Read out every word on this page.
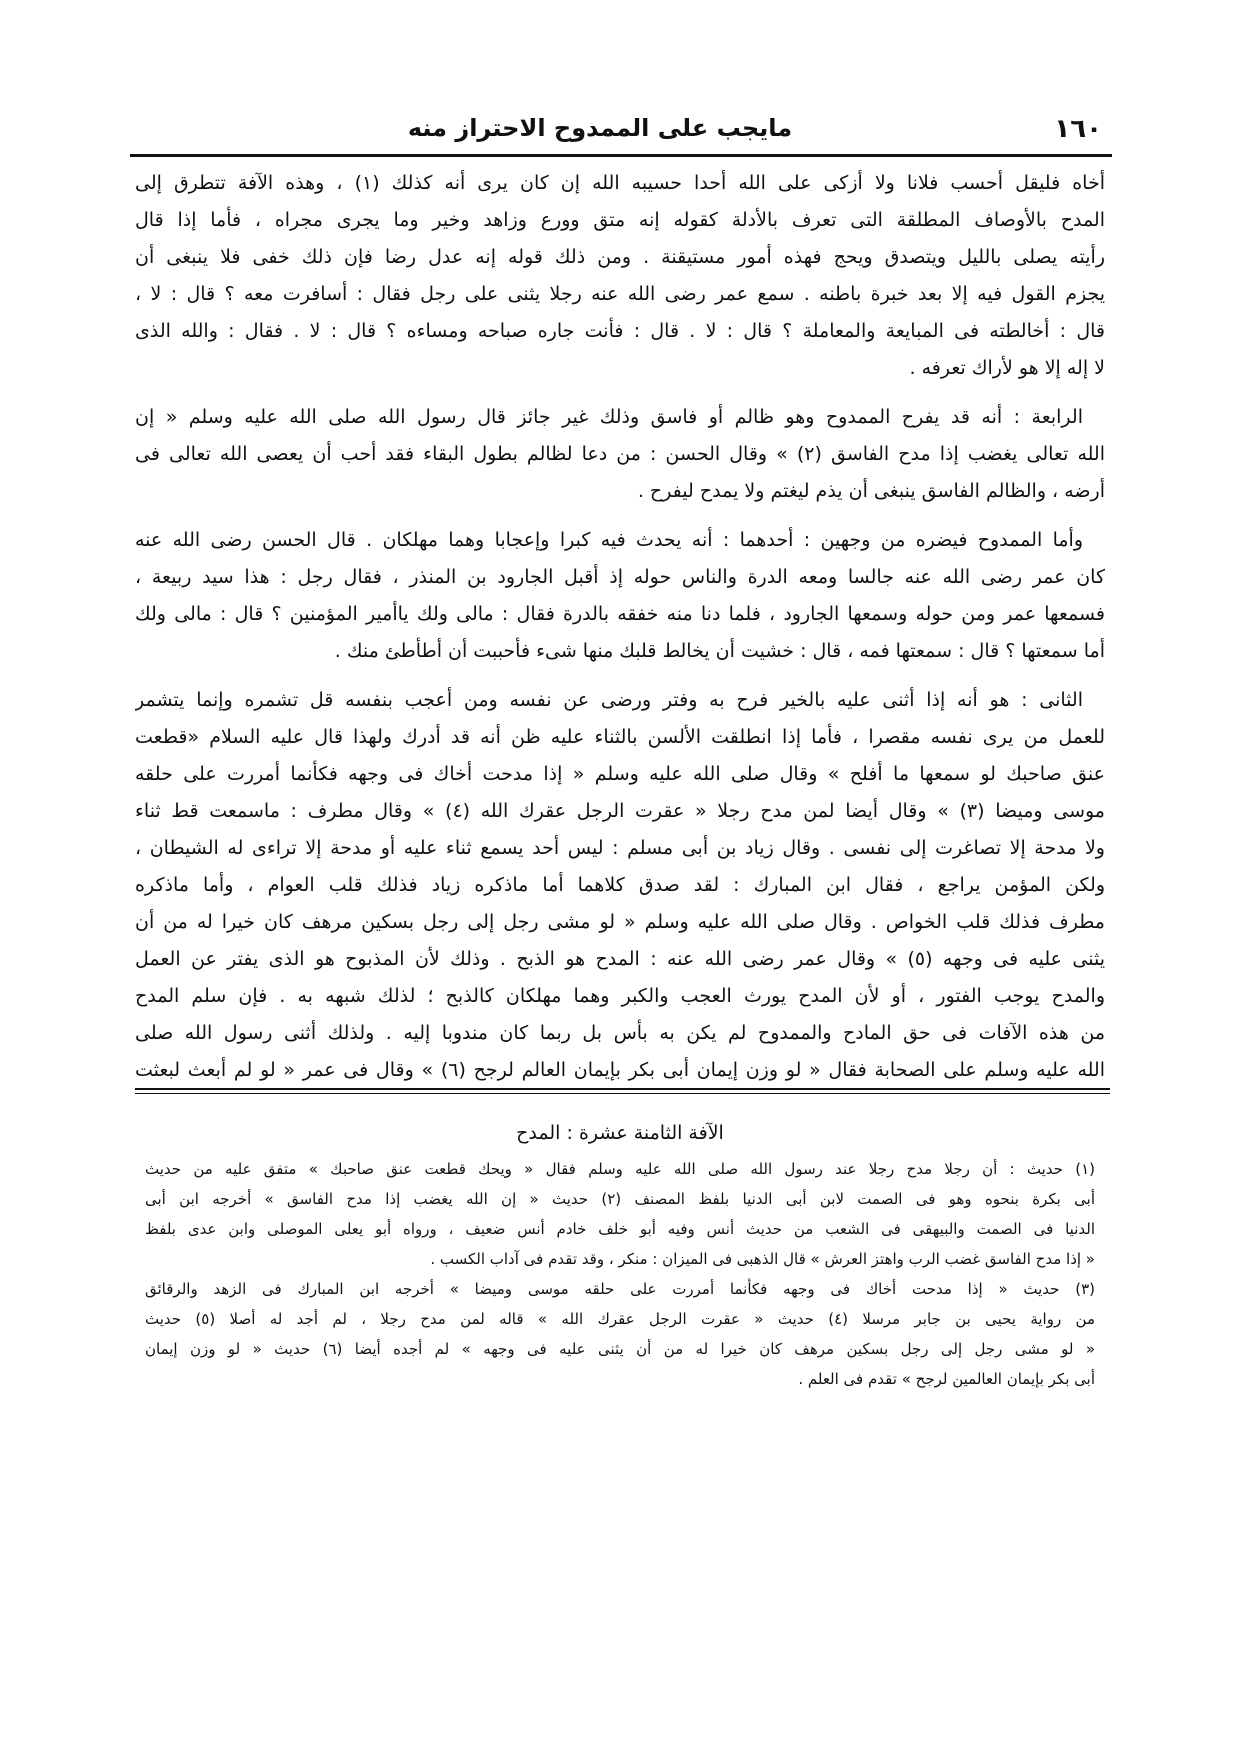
١٦٠
مايجب على الممدوح الاحتراز منه
أخاه فليقل أحسب فلانا ولا أزكى على الله أحدا حسيبه الله إن كان يرى أنه كذلك (١) ، وهذه الآفة تتطرق إلى
المدح بالأوصاف المطلقة التى تعرف بالأدلة كقوله إنه متق وورع وزاهد وخير وما يجرى مجراه ، فأما إذا قال
رأيته يصلى بالليل ويتصدق ويحج فهذه أمور مستيقنة . ومن ذلك قوله إنه عدل رضا فإن ذلك خفى فلا ينبغى أن
يجزم القول فيه إلا بعد خبرة باطنه . سمع عمر رضى الله عنه رجلا يثنى على رجل فقال : أسافرت معه ؟ قال : لا ،
قال : أخالطته فى المبايعة والمعاملة ؟ قال : لا . قال : فأنت جاره صباحه ومساءه ؟ قال : لا . فقال : والله الذى
لا إله إلا هو لأراك تعرفه .
الرابعة : أنه قد يفرح الممدوح وهو ظالم أو فاسق وذلك غير جائز قال رسول الله صلى الله عليه وسلم « إن
الله تعالى يغضب إذا مدح الفاسق (٢) » وقال الحسن : من دعا لظالم بطول البقاء فقد أحب أن يعصى الله تعالى فى
أرضه ، والظالم الفاسق ينبغى أن يذم ليغتم ولا يمدح ليفرح .
وأما الممدوح فيضره من وجهين : أحدهما : أنه يحدث فيه كبرا وإعجابا وهما مهلكان . قال الحسن رضى الله عنه
كان عمر رضى الله عنه جالسا ومعه الدرة والناس حوله إذ أقبل الجارود بن المنذر ، فقال رجل : هذا سيد ربيعة ،
فسمعها عمر ومن حوله وسمعها الجارود ، فلما دنا منه خفقه بالدرة فقال : مالى ولك ياأمير المؤمنين ؟ قال : مالى ولك
أما سمعتها ؟ قال : سمعتها فمه ، قال : خشيت أن يخالط قلبك منها شىء فأحببت أن أطأطئ منك .
الثانى : هو أنه إذا أثنى عليه بالخير فرح به وفتر ورضى عن نفسه ومن أعجب بنفسه قل تشمره وإنما يتشمر
للعمل من يرى نفسه مقصرا ، فأما إذا انطلقت الألسن بالثناء عليه ظن أنه قد أدرك ولهذا قال عليه السلام «قطعت
عنق صاحبك لو سمعها ما أفلح » وقال صلى الله عليه وسلم « إذا مدحت أخاك فى وجهه فكأنما أمررت على حلقه
موسى وميضا (٣) » وقال أيضا لمن مدح رجلا « عقرت الرجل عقرك الله (٤) » وقال مطرف : ماسمعت قط ثناء
ولا مدحة إلا تصاغرت إلى نفسى . وقال زياد بن أبى مسلم : ليس أحد يسمع ثناء عليه أو مدحة إلا تراءى له الشيطان ،
ولكن المؤمن يراجع ، فقال ابن المبارك : لقد صدق كلاهما أما ماذكره زياد فذلك قلب العوام ، وأما ماذكره
مطرف فذلك قلب الخواص . وقال صلى الله عليه وسلم « لو مشى رجل إلى رجل بسكين مرهف كان خيرا له من أن
يثنى عليه فى وجهه (٥) » وقال عمر رضى الله عنه : المدح هو الذبح . وذلك لأن المذبوح هو الذى يفتر عن العمل
والمدح يوجب الفتور ، أو لأن المدح يورث العجب والكبر وهما مهلكان كالذبح ؛ لذلك شبهه به . فإن سلم المدح
من هذه الآفات فى حق المادح والممدوح لم يكن به بأس بل ربما كان مندوبا إليه . ولذلك أثنى رسول الله صلى
الله عليه وسلم على الصحابة فقال « لو وزن إيمان أبى بكر بإيمان العالم لرجح (٦) » وقال فى عمر « لو لم أبعث لبعثت
الآفة الثامنة عشرة : المدح
(١) حديث : أن رجلا مدح رجلا عند رسول الله صلى الله عليه وسلم فقال « ويحك قطعت عنق صاحبك » متفق عليه من حديث
أبى بكرة بنحوه وهو فى الصمت لابن أبى الدنيا بلفظ المصنف (٢) حديث « إن الله يغضب إذا مدح الفاسق » أخرجه ابن أبى
الدنيا فى الصمت والبيهقى فى الشعب من حديث أنس وفيه أبو خلف خادم أنس ضعيف ، ورواه أبو يعلى الموصلى وابن عدى بلفظ
« إذا مدح الفاسق غضب الرب واهتز العرش » قال الذهبى فى الميزان : منكر ، وقد تقدم فى آداب الكسب .
(٣) حديث « إذا مدحت أخاك فى وجهه فكأنما أمررت على حلقه موسى وميضا » أخرجه ابن المبارك فى الزهد والرقائق
من رواية يحيى بن جابر مرسلا (٤) حديث « عقرت الرجل عقرك الله » قاله لمن مدح رجلا ، لم أجد له أصلا (٥) حديث
« لو مشى رجل إلى رجل بسكين مرهف كان خيرا له من أن يثنى عليه فى وجهه » لم أجده أيضا (٦) حديث « لو وزن إيمان
أبى بكر بإيمان العالمين لرجح » تقدم فى العلم .
